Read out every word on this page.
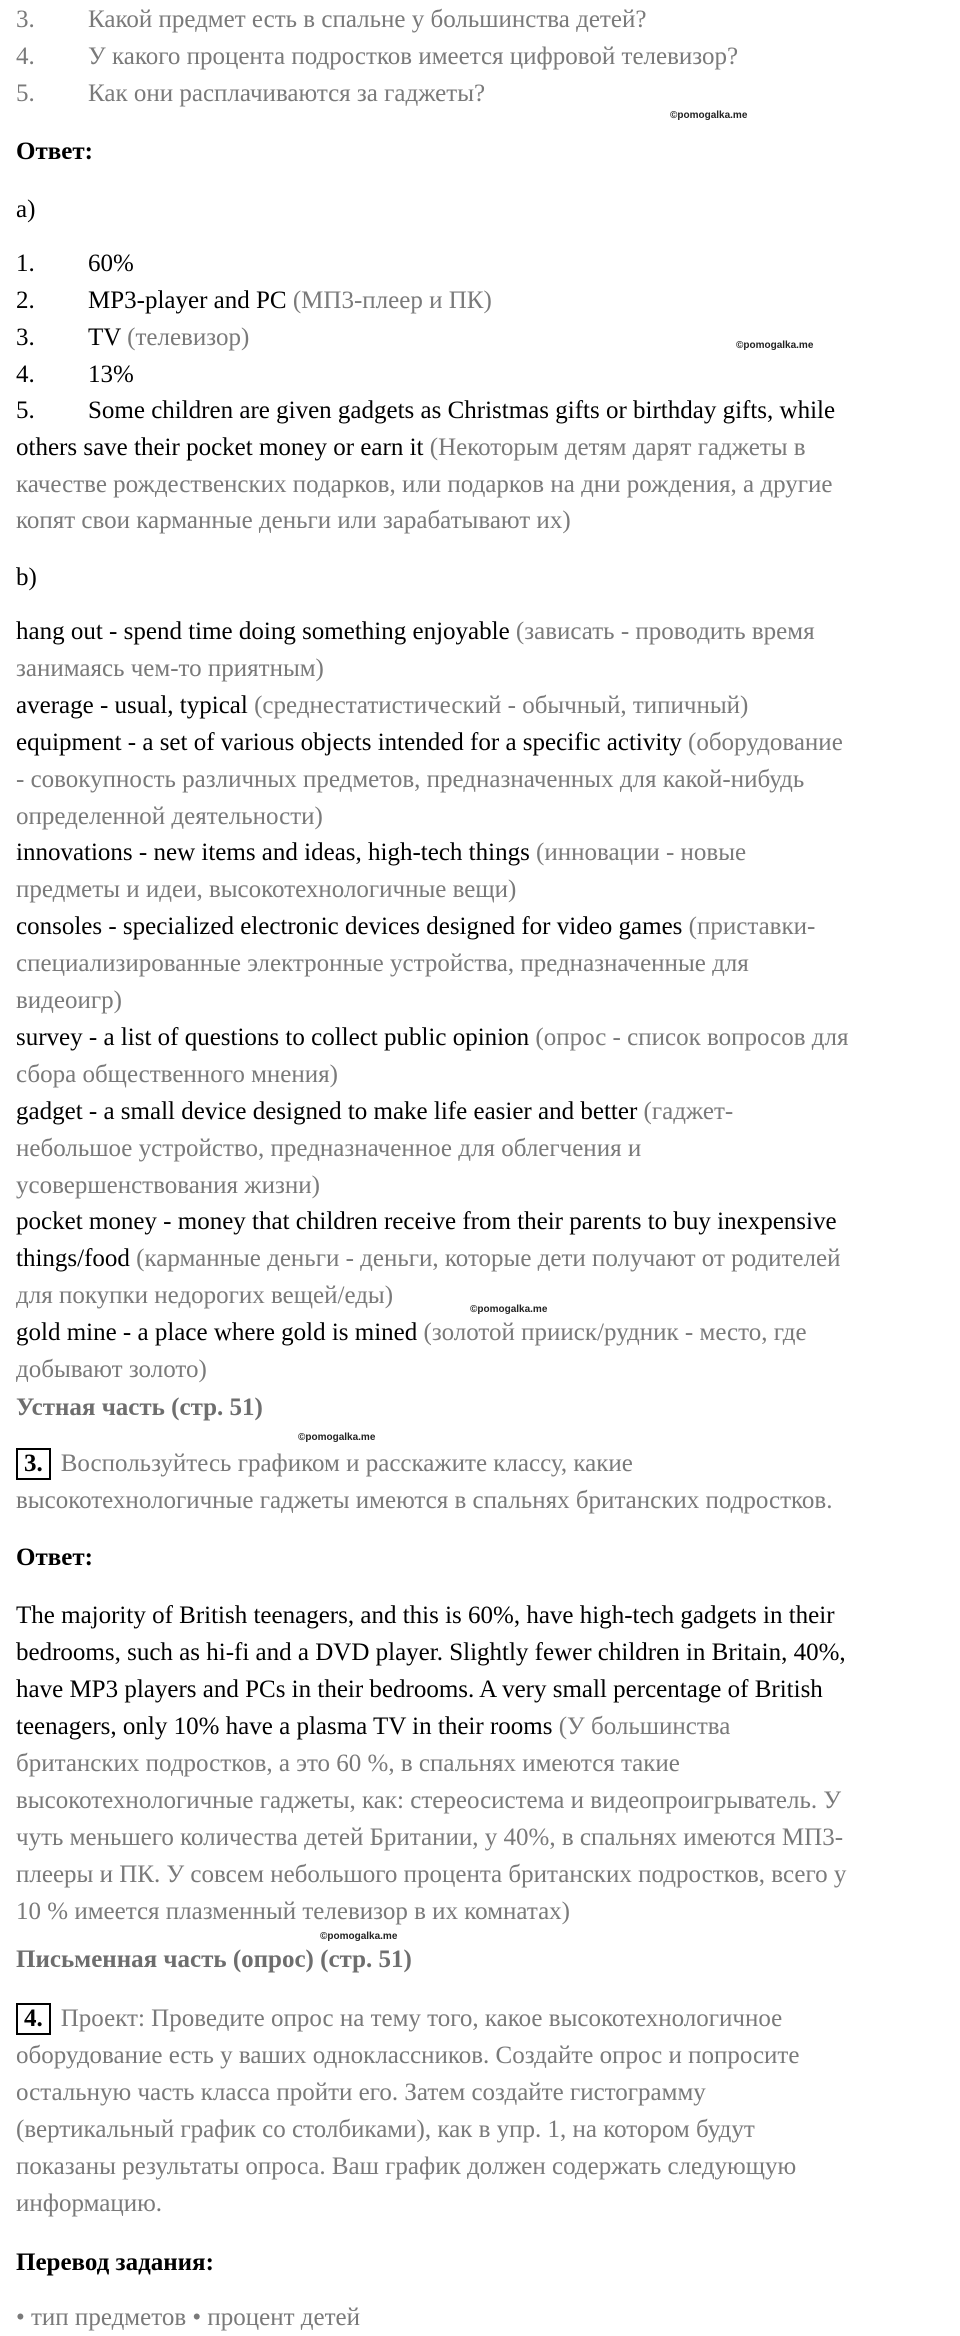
3. Какой предмет есть в спальне у большинства детей?
4. У какого процента подростков имеется цифровой телевизор?
5. Как они расплачиваются за гаджеты?
©pomogalka.me
Ответ:
а)
1. 60%
2. MP3-player and PC (МП3-плеер и ПК)
3. TV (телевизор)	©pomogalka.me
4. 13%
5. Some children are given gadgets as Christmas gifts or birthday gifts, while
others save their pocket money or earn it (Некоторым детям дарят гаджеты в
качестве рождественских подарков, или подарков на дни рождения, а другие
копят свои карманные деньги или зарабатывают их)
b)
hang out - spend time doing something enjoyable (зависать - проводить время
занимаясь чем-то приятным)
average - usual, typical (среднестатистический - обычный, типичный)
equipment - a set of various objects intended for a specific activity (оборудование
- совокупность различных предметов, предназначенных для какой-нибудь
определенной деятельности)
innovations - new items and ideas, high-tech things (инновации - новые
предметы и идеи, высокотехнологичные вещи)
consoles - specialized electronic devices designed for video games (приставки-
специализированные электронные устройства, предназначенные для
видеоигр)
survey - a list of questions to collect public opinion (опрос - список вопросов для
сбора общественного мнения)
gadget - a small device designed to make life easier and better (гаджет-
небольшое устройство, предназначенное для облегчения и
усовершенствования жизни)
pocket money - money that children receive from their parents to buy inexpensive
things/food (карманные деньги - деньги, которые дети получают от родителей
для покупки недорогих вещей/еды)
gold mine - a place where gold is mined (золотой прииск/рудник - место, где
добывают золото)
©pomogalka.me
Устная часть (стр. 51)
©pomogalka.me
3. Воспользуйтесь графиком и расскажите классу, какие
высокотехнологичные гаджеты имеются в спальнях британских подростков.
Ответ:
The majority of British teenagers, and this is 60%, have high-tech gadgets in their
bedrooms, such as hi-fi and a DVD player. Slightly fewer children in Britain, 40%,
have MP3 players and PCs in their bedrooms. A very small percentage of British
teenagers, only 10% have a plasma TV in their rooms (У большинства
британских подростков, а это 60 %, в спальнях имеются такие
высокотехнологичные гаджеты, как: стереосистема и видеопроигрыватель. У
чуть меньшего количества детей Британии, у 40%, в спальнях имеются МП3-
плееры и ПК. У совсем небольшого процента британских подростков, всего у
10 % имеется плазменный телевизор в их комнатах)
©pomogalka.me
Письменная часть (опрос) (стр. 51)
4. Проект: Проведите опрос на тему того, какое высокотехнологичное
оборудование есть у ваших одноклассников. Создайте опрос и попросите
остальную часть класса пройти его. Затем создайте гистограмму
(вертикальный график со столбиками), как в упр. 1, на котором будут
показаны результаты опроса. Ваш график должен содержать следующую
информацию.
Перевод задания:
• тип предметов • процент детей
